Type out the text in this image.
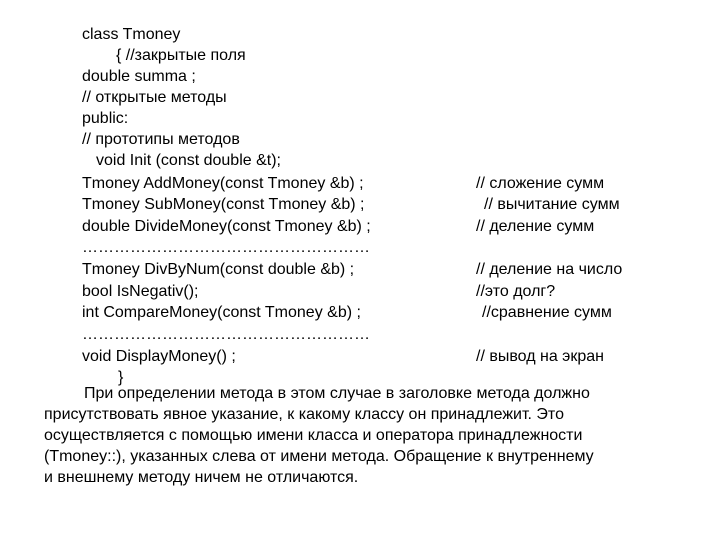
class Tmoney
{ //закрытые поля
double summa ;
// открытые методы
public:
// прототипы методов
void Init (const double &t);
Tmoney AddMoney(const Tmoney &b) ;
Tmoney SubMoney(const Tmoney &b) ;
double DivideMoney(const Tmoney &b) ;
………………………………………………
Tmoney DivByNum(const double &b) ;
bool IsNegativ();
int CompareMoney(const Tmoney &b) ;
………………………………………………
void DisplayMoney() ;
}
// сложение сумм
// вычитание сумм
// деление сумм
// деление на число
//это долг?
//сравнение сумм
// вывод на экран
При определении метода в этом случае в заголовке метода должно
присутствовать явное указание, к какому классу он принадлежит. Это
осуществляется с помощью имени класса и оператора принадлежности
(Tmoney::), указанных слева от имени метода. Обращение к внутреннему
и внешнему методу ничем не отличаются.
